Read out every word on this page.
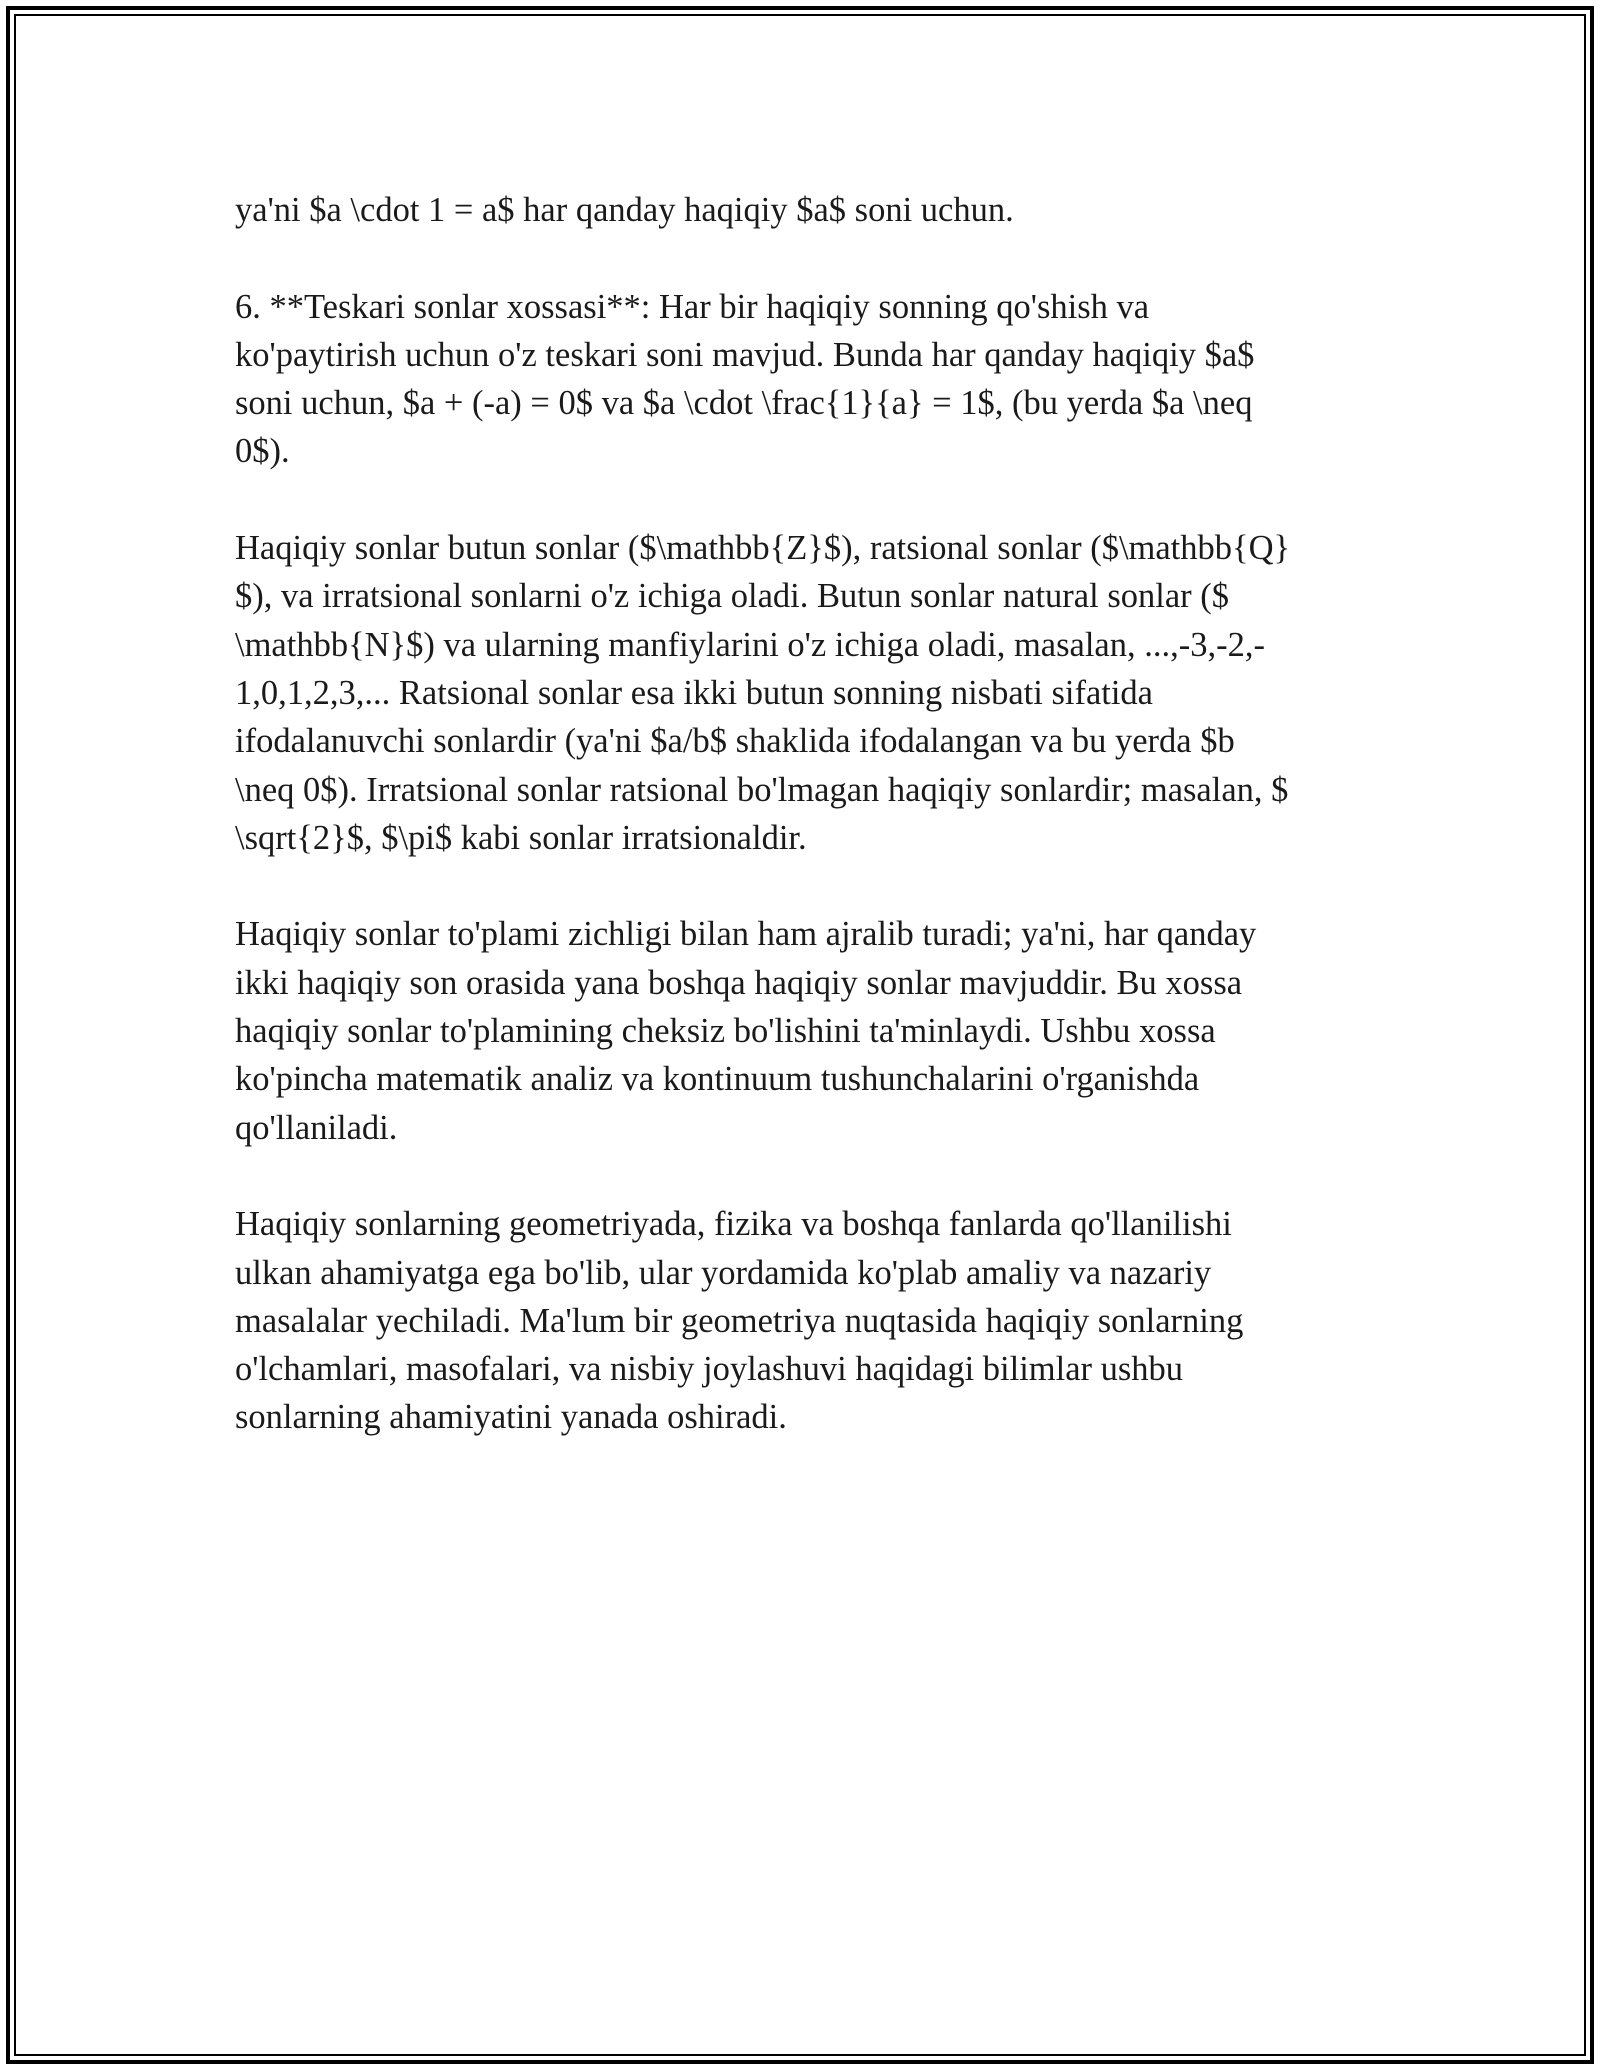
ya'ni $a \cdot 1 = a$ har qanday haqiqiy $a$ soni uchun.

6. **Teskari sonlar xossasi**: Har bir haqiqiy sonning qo'shish va
ko'paytirish uchun o'z teskari soni mavjud. Bunda har qanday haqiqiy $a$
soni uchun, $a + (-a) = 0$ va $a \cdot \frac{1}{a} = 1$, (bu yerda $a \neq
0$).

Haqiqiy sonlar butun sonlar ($\mathbb{Z}$), ratsional sonlar ($\mathbb{Q}
$), va irratsional sonlarni o'z ichiga oladi. Butun sonlar natural sonlar ($
\mathbb{N}$) va ularning manfiylarini o'z ichiga oladi, masalan, ...,-3,-2,-
1,0,1,2,3,... Ratsional sonlar esa ikki butun sonning nisbati sifatida
ifodalanuvchi sonlardir (ya'ni $a/b$ shaklida ifodalangan va bu yerda $b
\neq 0$). Irratsional sonlar ratsional bo'lmagan haqiqiy sonlardir; masalan, $
\sqrt{2}$, $\pi$ kabi sonlar irratsionaldir.

Haqiqiy sonlar to'plami zichligi bilan ham ajralib turadi; ya'ni, har qanday
ikki haqiqiy son orasida yana boshqa haqiqiy sonlar mavjuddir. Bu xossa
haqiqiy sonlar to'plamining cheksiz bo'lishini ta'minlaydi. Ushbu xossa
ko'pincha matematik analiz va kontinuum tushunchalarini o'rganishda
qo'llaniladi.

Haqiqiy sonlarning geometriyada, fizika va boshqa fanlarda qo'llanilishi
ulkan ahamiyatga ega bo'lib, ular yordamida ko'plab amaliy va nazariy
masalalar yechiladi. Ma'lum bir geometriya nuqtasida haqiqiy sonlarning
o'lchamlari, masofalari, va nisbiy joylashuvi haqidagi bilimlar ushbu
sonlarning ahamiyatini yanada oshiradi.
